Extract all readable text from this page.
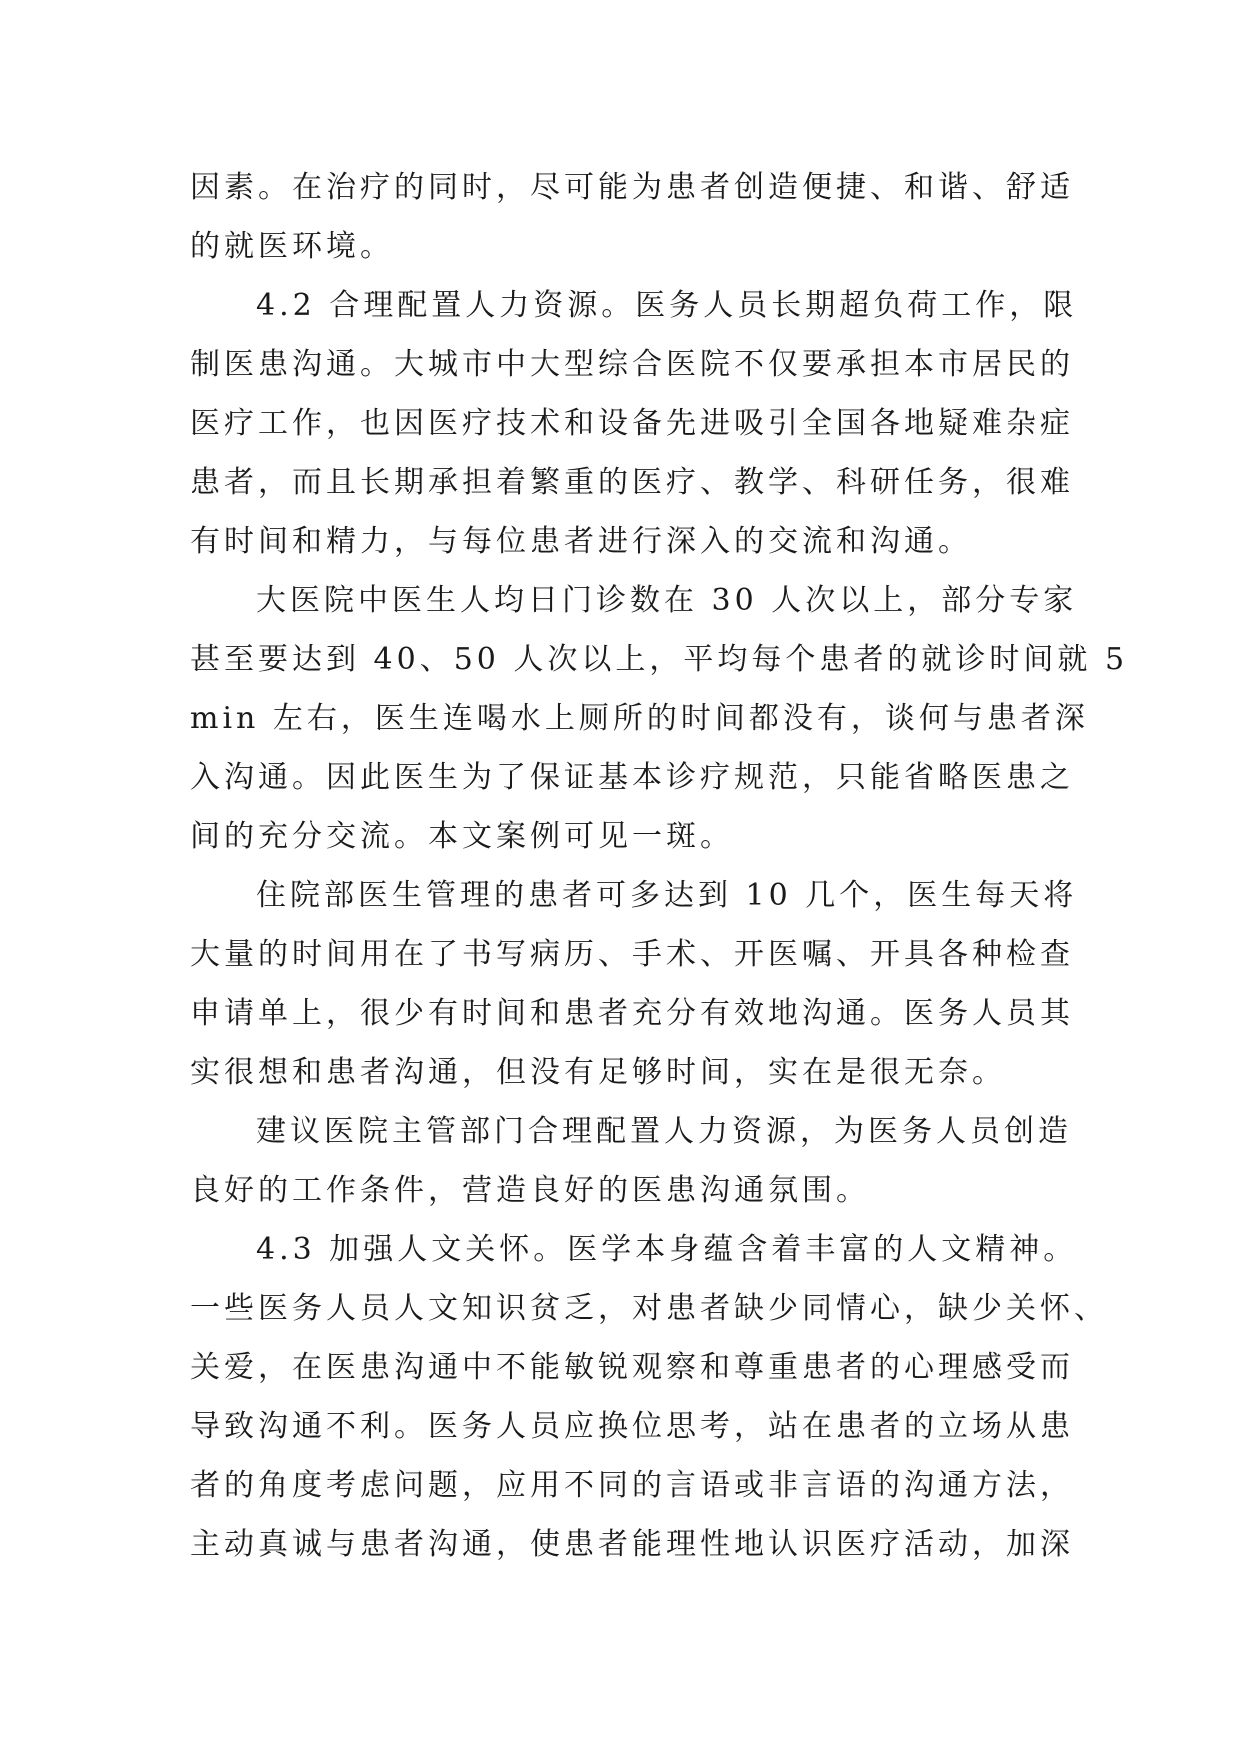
因素。在治疗的同时，尽可能为患者创造便捷、和谐、舒适
的就医环境。

4.2 合理配置人力资源。医务人员长期超负荷工作，限
制医患沟通。大城市中大型综合医院不仅要承担本市居民的
医疗工作，也因医疗技术和设备先进吸引全国各地疑难杂症
患者，而且长期承担着繁重的医疗、教学、科研任务，很难
有时间和精力，与每位患者进行深入的交流和沟通。

大医院中医生人均日门诊数在 30 人次以上，部分专家
甚至要达到 40、50 人次以上，平均每个患者的就诊时间就 5
min 左右，医生连喝水上厕所的时间都没有，谈何与患者深
入沟通。因此医生为了保证基本诊疗规范，只能省略医患之
间的充分交流。本文案例可见一斑。

住院部医生管理的患者可多达到 10 几个，医生每天将
大量的时间用在了书写病历、手术、开医嘱、开具各种检查
申请单上，很少有时间和患者充分有效地沟通。医务人员其
实很想和患者沟通，但没有足够时间，实在是很无奈。

建议医院主管部门合理配置人力资源，为医务人员创造
良好的工作条件，营造良好的医患沟通氛围。

4.3 加强人文关怀。医学本身蕴含着丰富的人文精神。
一些医务人员人文知识贫乏，对患者缺少同情心，缺少关怀、
关爱，在医患沟通中不能敏锐观察和尊重患者的心理感受而
导致沟通不利。医务人员应换位思考，站在患者的立场从患
者的角度考虑问题，应用不同的言语或非言语的沟通方法，
主动真诚与患者沟通，使患者能理性地认识医疗活动，加深
